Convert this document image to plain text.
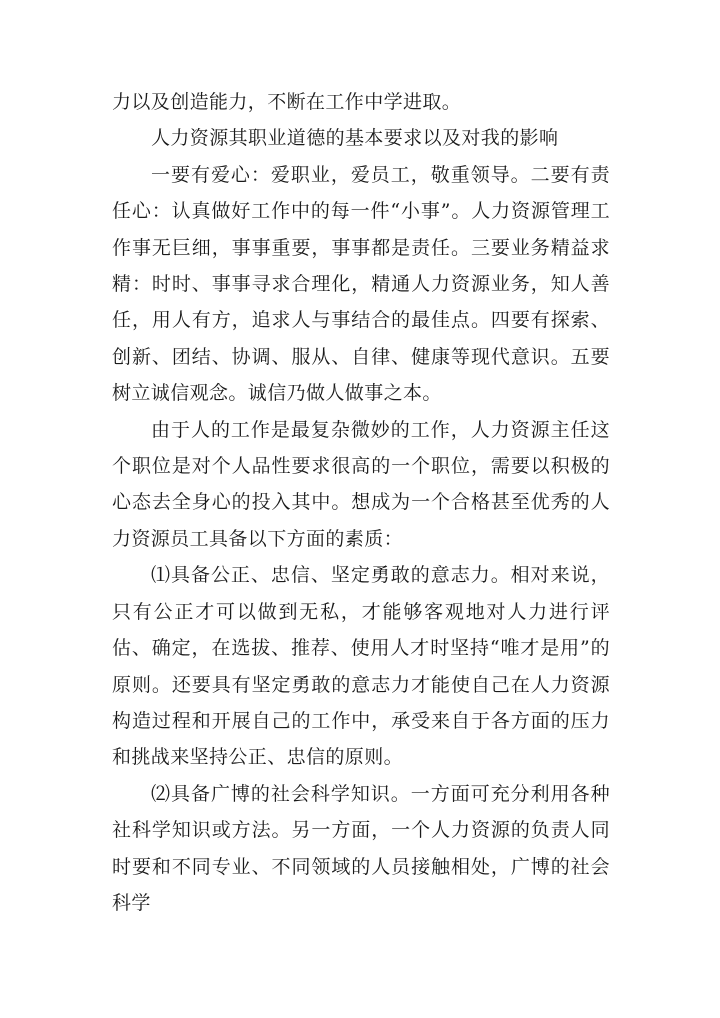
力以及创造能力，不断在工作中学进取。

人力资源其职业道德的基本要求以及对我的影响

一要有爱心：爱职业，爱员工，敬重领导。二要有责任心：认真做好工作中的每一件“小事”。人力资源管理工作事无巨细，事事重要，事事都是责任。三要业务精益求精：时时、事事寻求合理化，精通人力资源业务，知人善任，用人有方，追求人与事结合的最佳点。四要有探索、创新、团结、协调、服从、自律、健康等现代意识。五要树立诚信观念。诚信乃做人做事之本。

由于人的工作是最复杂微妙的工作，人力资源主任这个职位是对个人品性要求很高的一个职位，需要以积极的心态去全身心的投入其中。想成为一个合格甚至优秀的人力资源员工具备以下方面的素质：

⑴具备公正、忠信、坚定勇敢的意志力。相对来说，只有公正才可以做到无私，才能够客观地对人力进行评估、确定，在选拔、推荐、使用人才时坚持“唯才是用”的原则。还要具有坚定勇敢的意志力才能使自己在人力资源构造过程和开展自己的工作中，承受来自于各方面的压力和挑战来坚持公正、忠信的原则。

⑵具备广博的社会科学知识。一方面可充分利用各种社科学知识或方法。另一方面，一个人力资源的负责人同时要和不同专业、不同领域的人员接触相处，广博的社会科学
